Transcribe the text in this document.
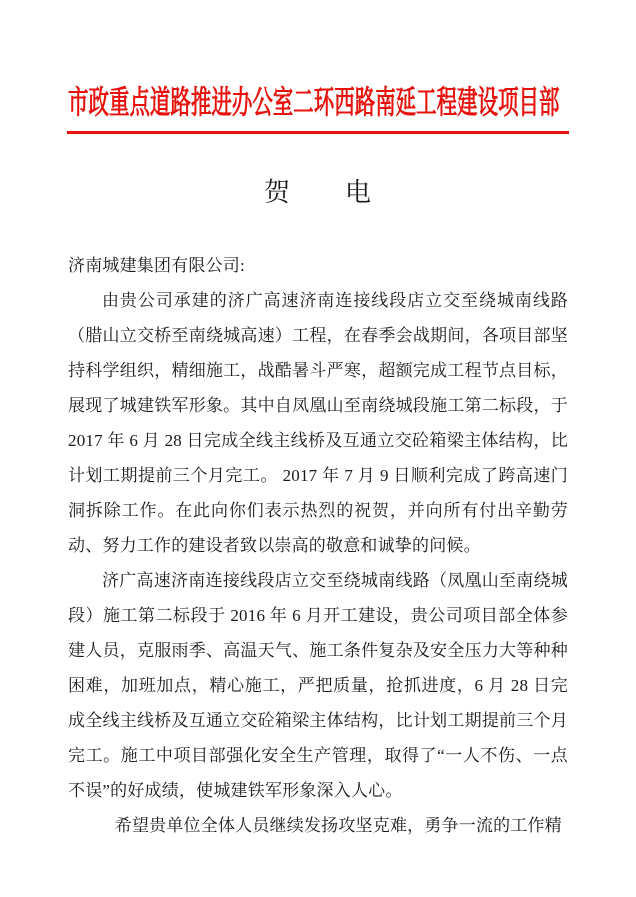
市政重点道路推进办公室二环西路南延工程建设项目部
贺　　电

济南城建集团有限公司:

由贵公司承建的济广高速济南连接线段店立交至绕城南线路（腊山立交桥至南绕城高速）工程，在春季会战期间，各项目部坚持科学组织，精细施工，战酷暑斗严寒，超额完成工程节点目标，展现了城建铁军形象。其中自凤凰山至南绕城段施工第二标段，于 2017 年 6 月 28 日完成全线主线桥及互通立交砼箱梁主体结构，比计划工期提前三个月完工。 2017 年 7 月 9 日顺利完成了跨高速门洞拆除工作。在此向你们表示热烈的祝贺，并向所有付出辛勤劳动、努力工作的建设者致以崇高的敬意和诚挚的问候。

济广高速济南连接线段店立交至绕城南线路（凤凰山至南绕城段）施工第二标段于 2016 年 6 月开工建设，贵公司项目部全体参建人员，克服雨季、高温天气、施工条件复杂及安全压力大等种种困难，加班加点，精心施工，严把质量，抢抓进度，6 月 28 日完成全线主线桥及互通立交砼箱梁主体结构，比计划工期提前三个月完工。施工中项目部强化安全生产管理，取得了“一人不伤、一点不误”的好成绩，使城建铁军形象深入人心。

希望贵单位全体人员继续发扬攻坚克难，勇争一流的工作精
